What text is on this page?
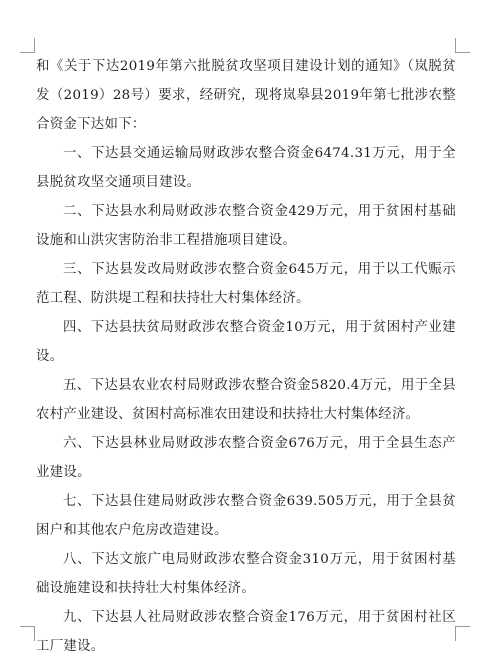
和《关于下达2019年第六批脱贫攻坚项目建设计划的通知》（岚脱贫发（2019）28号）要求，经研究，现将岚皋县2019年第七批涉农整合资金下达如下：

一、下达县交通运输局财政涉农整合资金6474.31万元，用于全县脱贫攻坚交通项目建设。

二、下达县水利局财政涉农整合资金429万元，用于贫困村基础设施和山洪灾害防治非工程措施项目建设。

三、下达县发改局财政涉农整合资金645万元，用于以工代赈示范工程、防洪堤工程和扶持壮大村集体经济。

四、下达县扶贫局财政涉农整合资金10万元，用于贫困村产业建设。

五、下达县农业农村局财政涉农整合资金5820.4万元，用于全县农村产业建设、贫困村高标准农田建设和扶持壮大村集体经济。

六、下达县林业局财政涉农整合资金676万元，用于全县生态产业建设。

七、下达县住建局财政涉农整合资金639.505万元，用于全县贫困户和其他农户危房改造建设。

八、下达文旅广电局财政涉农整合资金310万元，用于贫困村基础设施建设和扶持壮大村集体经济。

九、下达县人社局财政涉农整合资金176万元，用于贫困村社区工厂建设。
